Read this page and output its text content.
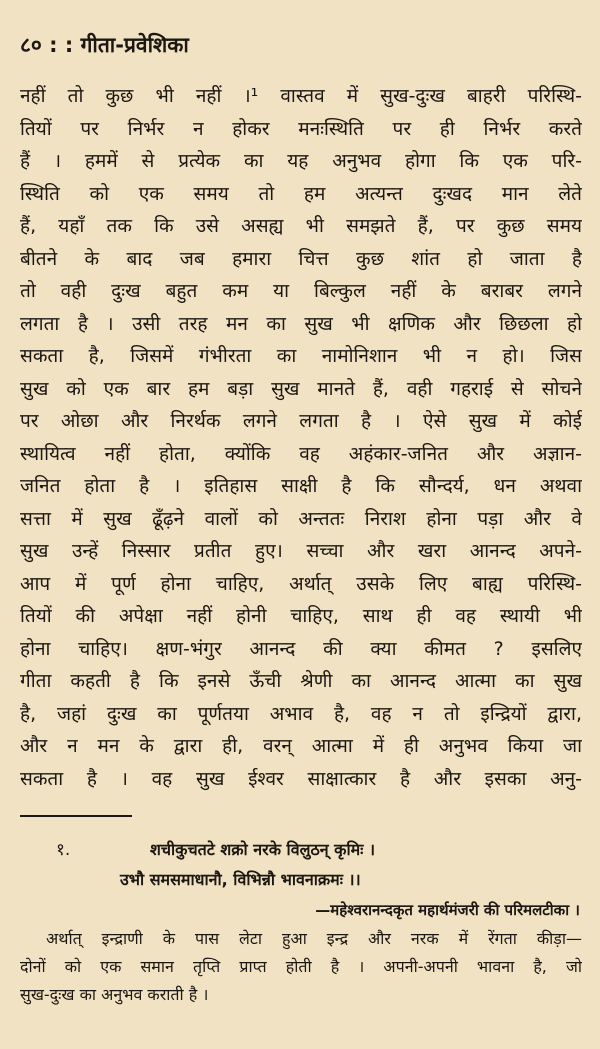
८० : : गीता-प्रवेशिका
नहीं तो कुछ भी नहीं ।¹ वास्तव में सुख-दुःख बाहरी परिस्थि-
तियों पर निर्भर न होकर मनःस्थिति पर ही निर्भर करते
हैं । हममें से प्रत्येक का यह अनुभव होगा कि एक परि-
स्थिति को एक समय तो हम अत्यन्त दुःखद मान लेते
हैं, यहाँ तक कि उसे असह्य भी समझते हैं, पर कुछ समय
बीतने के बाद जब हमारा चित्त कुछ शांत हो जाता है
तो वही दुःख बहुत कम या बिल्कुल नहीं के बराबर लगने
लगता है । उसी तरह मन का सुख भी क्षणिक और छिछला हो
सकता है, जिसमें गंभीरता का नामोनिशान भी न हो। जिस
सुख को एक बार हम बड़ा सुख मानते हैं, वही गहराई से सोचने
पर ओछा और निरर्थक लगने लगता है । ऐसे सुख में कोई
स्थायित्व नहीं होता, क्योंकि वह अहंकार-जनित और अज्ञान-
जनित होता है । इतिहास साक्षी है कि सौन्दर्य, धन अथवा
सत्ता में सुख ढूँढ़ने वालों को अन्ततः निराश होना पड़ा और वे
सुख उन्हें निस्सार प्रतीत हुए। सच्चा और खरा आनन्द अपने-
आप में पूर्ण होना चाहिए, अर्थात् उसके लिए बाह्य परिस्थि-
तियों की अपेक्षा नहीं होनी चाहिए, साथ ही वह स्थायी भी
होना चाहिए। क्षण-भंगुर आनन्द की क्या कीमत ? इसलिए
गीता कहती है कि इनसे ऊँची श्रेणी का आनन्द आत्मा का सुख
है, जहां दुःख का पूर्णतया अभाव है, वह न तो इन्द्रियों द्वारा,
और न मन के द्वारा ही, वरन् आत्मा में ही अनुभव किया जा
सकता है । वह सुख ईश्वर साक्षात्कार है और इसका अनु-
१.	शचीकुचतटे शक्रो नरके विलुठन् कृमिः ।
उभौ समसमाधानौ, विभिन्नौ भावनाक्रमः ।।
—महेश्वरानन्दकृत महार्थमंजरी की परिमलटीका ।
अर्थात् इन्द्राणी के पास लेटा हुआ इन्द्र और नरक में रेंगता कीड़ा—
दोनों को एक समान तृप्ति प्राप्त होती है । अपनी-अपनी भावना है, जो
सुख-दुःख का अनुभव कराती है ।
